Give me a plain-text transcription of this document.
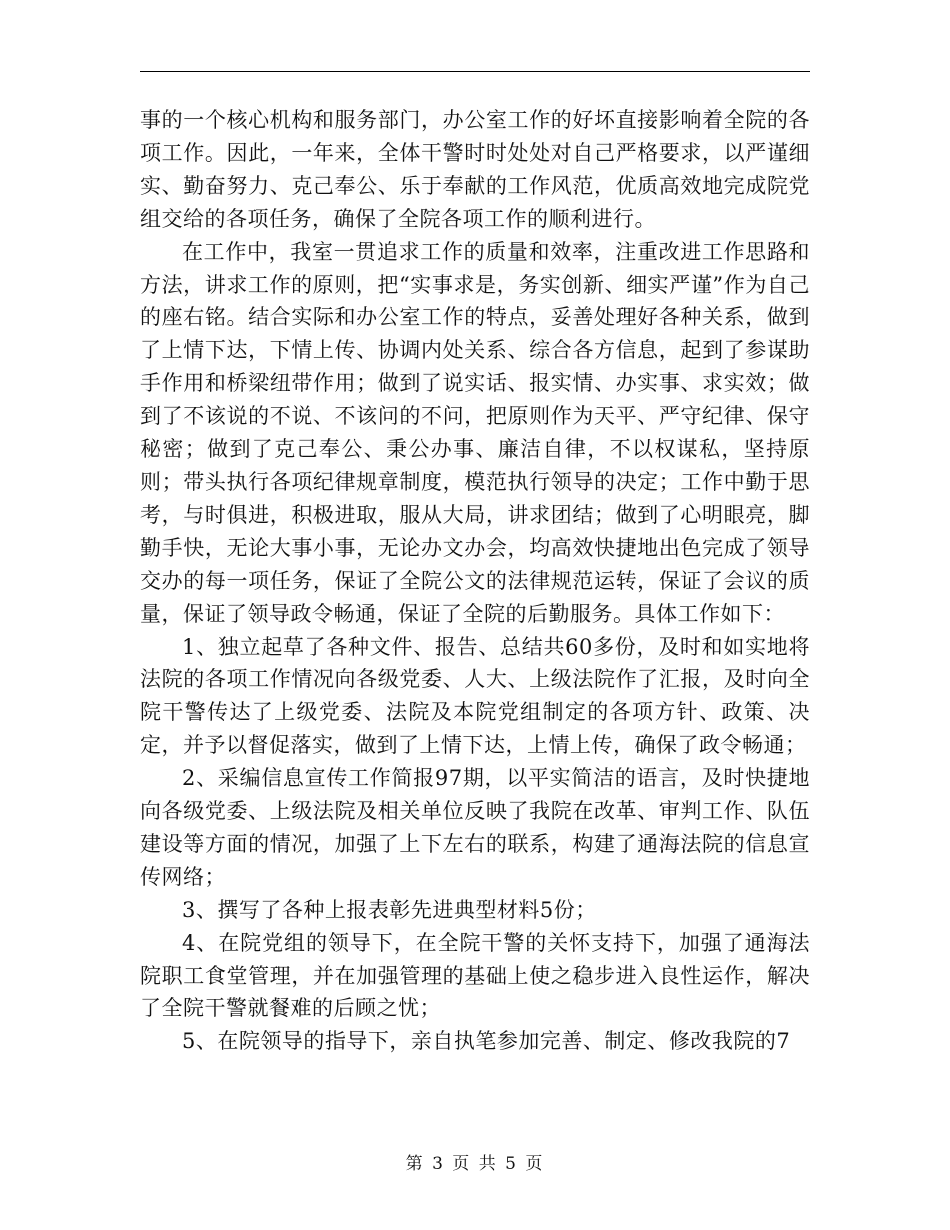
事的一个核心机构和服务部门，办公室工作的好坏直接影响着全院的各项工作。因此，一年来，全体干警时时处处对自己严格要求，以严谨细实、勤奋努力、克己奉公、乐于奉献的工作风范，优质高效地完成院党组交给的各项任务，确保了全院各项工作的顺利进行。

在工作中，我室一贯追求工作的质量和效率，注重改进工作思路和方法，讲求工作的原则，把“实事求是，务实创新、细实严谨”作为自己的座右铭。结合实际和办公室工作的特点，妥善处理好各种关系，做到了上情下达，下情上传、协调内处关系、综合各方信息，起到了参谋助手作用和桥梁纽带作用；做到了说实话、报实情、办实事、求实效；做到了不该说的不说、不该问的不问，把原则作为天平、严守纪律、保守秘密；做到了克己奉公、秉公办事、廉洁自律，不以权谋私，坚持原则；带头执行各项纪律规章制度，模范执行领导的决定；工作中勤于思考，与时俱进，积极进取，服从大局，讲求团结；做到了心明眼亮，脚勤手快，无论大事小事，无论办文办会，均高效快捷地出色完成了领导交办的每一项任务，保证了全院公文的法律规范运转，保证了会议的质量，保证了领导政令畅通，保证了全院的后勤服务。具体工作如下：

1、独立起草了各种文件、报告、总结共60多份，及时和如实地将法院的各项工作情况向各级党委、人大、上级法院作了汇报，及时向全院干警传达了上级党委、法院及本院党组制定的各项方针、政策、决定，并予以督促落实，做到了上情下达，上情上传，确保了政令畅通；

2、采编信息宣传工作简报97期，以平实简洁的语言，及时快捷地向各级党委、上级法院及相关单位反映了我院在改革、审判工作、队伍建设等方面的情况，加强了上下左右的联系，构建了通海法院的信息宣传网络；

3、撰写了各种上报表彰先进典型材料5份；

4、在院党组的领导下，在全院干警的关怀支持下，加强了通海法院职工食堂管理，并在加强管理的基础上使之稳步进入良性运作，解决了全院干警就餐难的后顾之忧；

5、在院领导的指导下，亲自执笔参加完善、制定、修改我院的7

第 3 页 共 5 页
